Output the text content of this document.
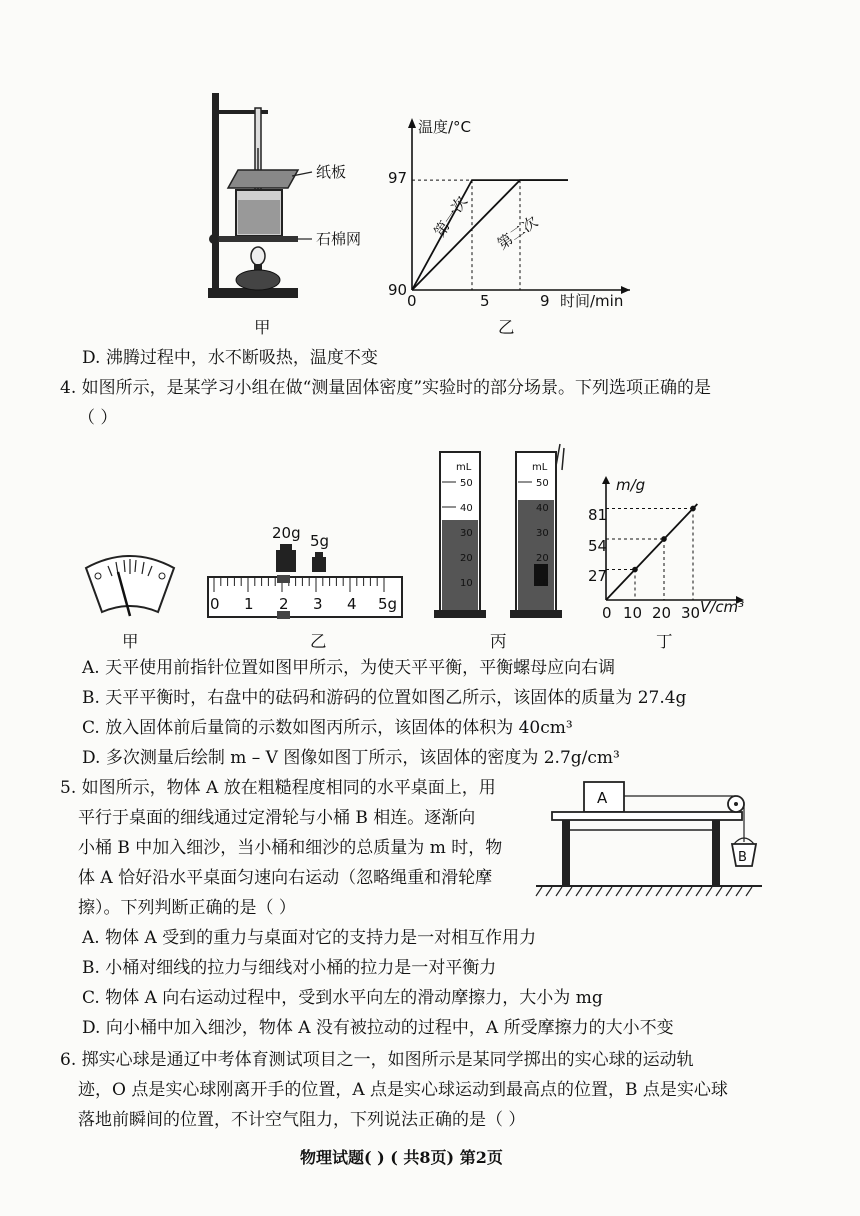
纸板
石棉网
甲
温度/°C
时间/min
97
90
0	5	9
第一次 第二次
乙
D. 沸腾过程中，水不断吸热，温度不变
4. 如图所示，是某学习小组在做“测量固体密度”实验时的部分场景。下列选项正确的是
（ ）
甲
20g 5g
0 1 2 3 4 5g
乙
mL	mL
50
40
30
20
10
50
40
30
20
10
丙
m/g
V/cm³
81
54
27
0 10 20 30
丁
A. 天平使用前指针位置如图甲所示，为使天平平衡，平衡螺母应向右调
B. 天平平衡时，右盘中的砝码和游码的位置如图乙所示，该固体的质量为 27.4g
C. 放入固体前后量筒的示数如图丙所示，该固体的体积为 40cm³
D. 多次测量后绘制 m – V 图像如图丁所示，该固体的密度为 2.7g/cm³
5. 如图所示，物体 A 放在粗糙程度相同的水平桌面上，用
平行于桌面的细线通过定滑轮与小桶 B 相连。逐渐向
小桶 B 中加入细沙，当小桶和细沙的总质量为 m 时，物
体 A 恰好沿水平桌面匀速向右运动（忽略绳重和滑轮摩
擦）。下列判断正确的是（ ）
A
B
A. 物体 A 受到的重力与桌面对它的支持力是一对相互作用力
B. 小桶对细线的拉力与细线对小桶的拉力是一对平衡力
C. 物体 A 向右运动过程中，受到水平向左的滑动摩擦力，大小为 mg
D. 向小桶中加入细沙，物体 A 没有被拉动的过程中，A 所受摩擦力的大小不变
6. 掷实心球是通辽中考体育测试项目之一，如图所示是某同学掷出的实心球的运动轨
迹，O 点是实心球刚离开手的位置，A 点是实心球运动到最高点的位置，B 点是实心球
落地前瞬间的位置，不计空气阻力，下列说法正确的是（ ）
物理试题( ) ( 共8页) 第2页
